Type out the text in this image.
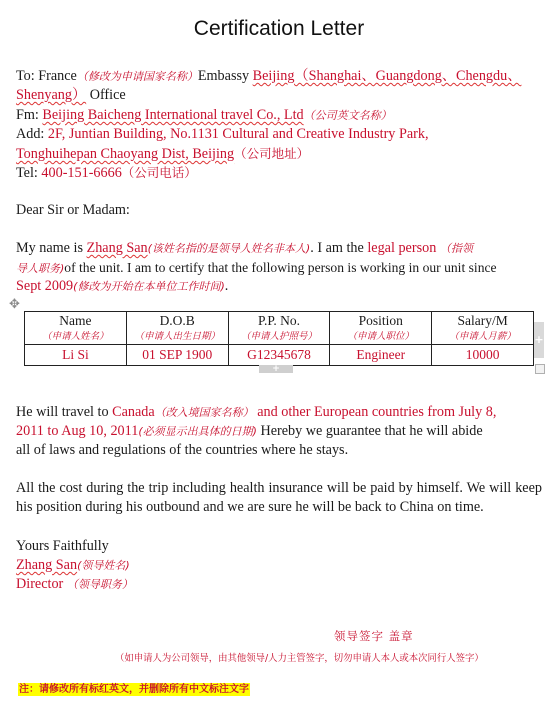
Certification Letter
To: France（修改为申请国家名称）Embassy Beijing（Shanghai、Guangdong、Chengdu、
Shenyang） Office
Fm: Beijing Baicheng International travel Co., Ltd（公司英文名称）
Add: 2F, Juntian Building, No.1131 Cultural and Creative Industry Park,
Tonghuihepan Chaoyang Dist, Beijing（公司地址）
Tel: 400-151-6666（公司电话）
Dear Sir or Madam:
My name is Zhang San(该姓名指的是领导人姓名非本人). I am the legal person （指领
导人职务)of the unit. I am to certify that the following person is working in our unit since
Sept 2009(修改为开始在本单位工作时间).
✥
Name	D.O.B	P.P. No.	Position	Salary/M
（申请人姓名）	（申请人出生日期）	（申请人护照号）	（申请人职位）	（申请人月薪）
Li Si	01 SEP 1900	G12345678	Engineer	10000
+
+
He will travel to Canada（改入境国家名称） and other European countries from July 8,
2011 to Aug 10, 2011(必须显示出具体的日期) Hereby we guarantee that he will abide
all of laws and regulations of the countries where he stays.
All the cost during the trip including health insurance will be paid by himself. We will keep his position during his outbound and we are sure he will be back to China on time.
Yours Faithfully
Zhang San(领导姓名)
Director （领导职务）
领导签字 盖章
（如申请人为公司领导，由其他领导/人力主管签字，切勿申请人本人或本次同行人签字）
注：请修改所有标红英文，并删除所有中文标注文字
